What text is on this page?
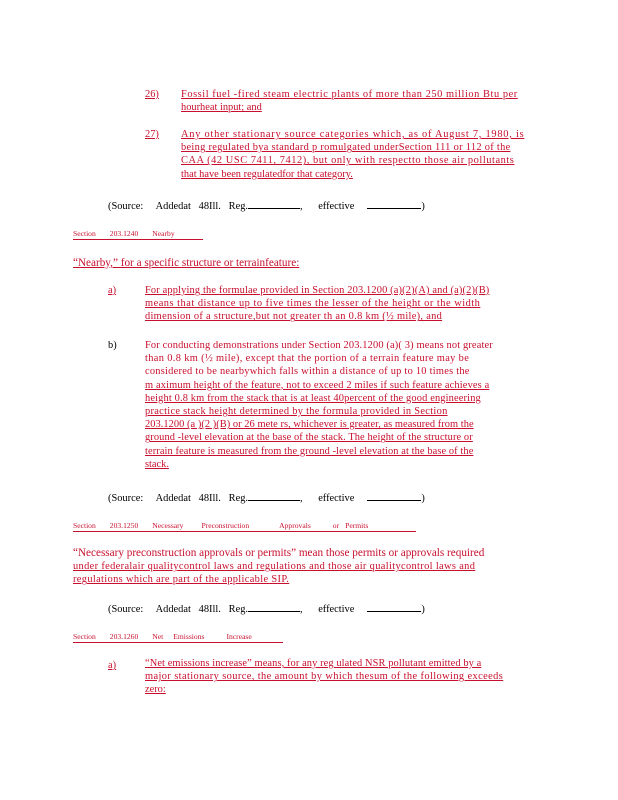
26) Fossil fuel -fired steam electric plants of more than 250 million Btu per
hourheat input; and
27) Any other stationary source categories which, as of August 7, 1980, is
being regulated bya standard p romulgated underSection 111 or 112 of the
CAA (42 USC 7411, 7412), but only with respectto those air pollutants
that have been regulatedfor that category.
(Source: Addedat 48Ill. Reg.	,      effective	)
Section 203.1240 Nearby
“Nearby,” for a specific structure or terrainfeature:
a)	For applying the formulae provided in Section 203.1200 (a)(2)(A) and (a)(2)(B)
means that distance up to five times the lesser of the height or the width
dimension of a structure,but not greater th an 0.8 km (½ mile), and
b)	For conducting demonstrations under Section 203.1200 (a)( 3) means not greater
than 0.8 km (½ mile), except that the portion of a terrain feature may be
considered to be nearbywhich falls within a distance of up to 10 times the
m aximum height of the feature, not to exceed 2 miles if such feature achieves a
height 0.8 km from the stack that is at least 40percent of the good engineering
practice stack height determined by the formula provided in Section
203.1200 (a )(2 )(B) or 26 mete rs, whichever is greater, as measured from the
ground -level elevation at the base of the stack. The height of the structure or
terrain feature is measured from the ground -level elevation at the base of the
stack.
(Source: Addedat 48Ill. Reg.	,      effective	)
Section 203.1250 Necessary Preconstruction	Approvals	or Permits
“Necessary preconstruction approvals or permits” mean those permits or approvals required
under federalair qualitycontrol laws and regulations and those air qualitycontrol laws and
regulations which are part of the applicable SIP.
(Source: Addedat 48Ill. Reg.	,      effective	)
Section 203.1260 Net Emissions	Increase
a)	“Net emissions increase” means, for any reg ulated NSR pollutant emitted by a
major stationary source, the amount by which thesum of the following exceeds
zero:
